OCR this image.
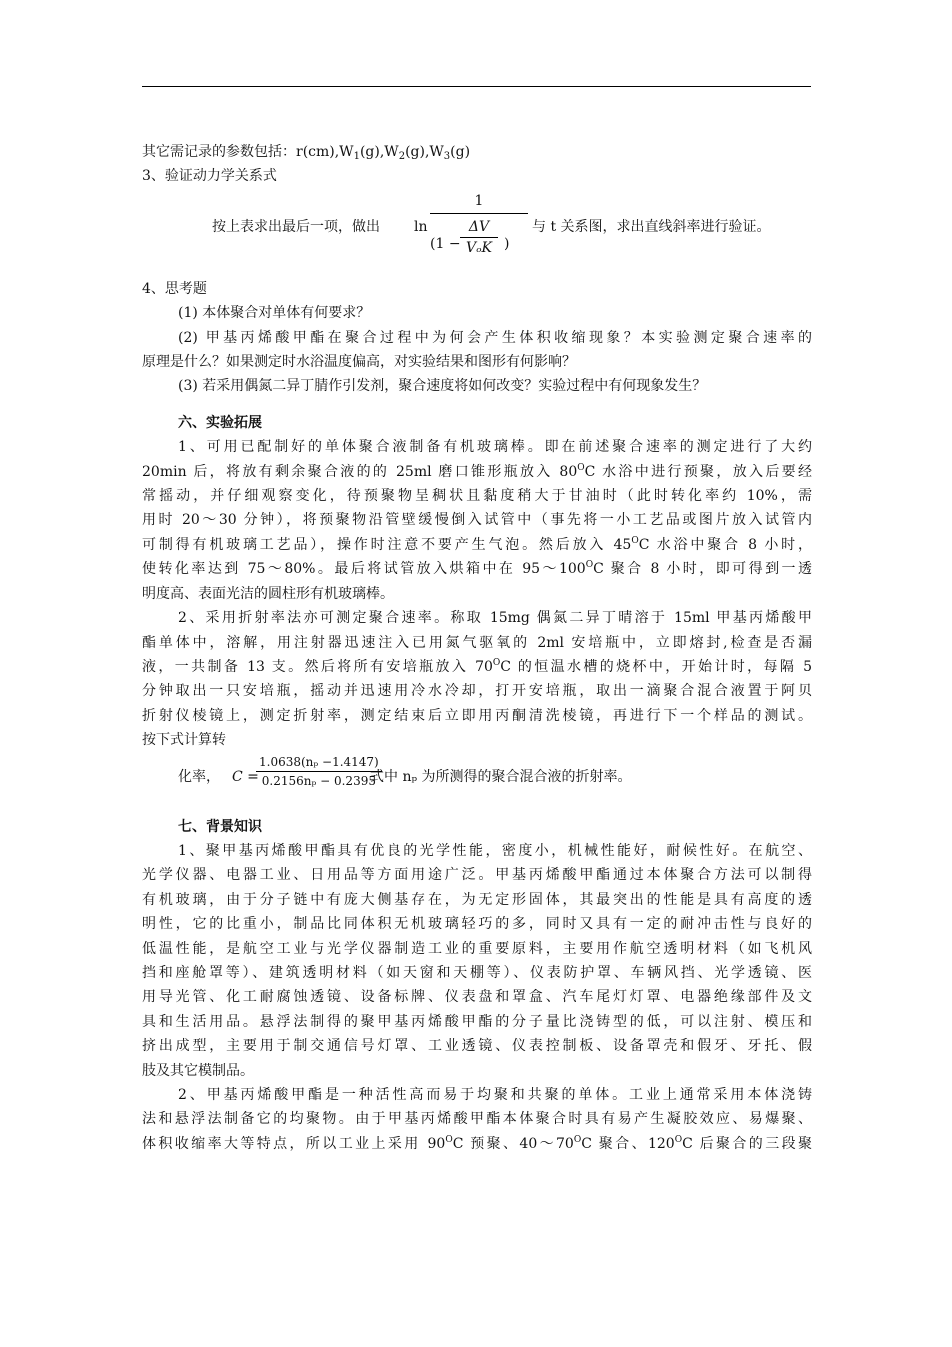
其它需记录的参数包括：$r(cm),W_1(g),W_2(g),W_3(g)$
3、验证动力学关系式
按上表求出最后一项，做出 ln
1
(1 −
ΔV
VₒK )
与 t 关系图，求出直线斜率进行验证。
4、思考题
(1) 本体聚合对单体有何要求？
(2) 甲基丙烯酸甲酯在聚合过程中为何会产生体积收缩现象？本实验测定聚合速率的
原理是什么？如果测定时水浴温度偏高，对实验结果和图形有何影响？
(3) 若采用偶氮二异丁腈作引发剂，聚合速度将如何改变？实验过程中有何现象发生？
六、实验拓展
1、可用已配制好的单体聚合液制备有机玻璃棒。即在前述聚合速率的测定进行了大约
20min 后，将放有剩余聚合液的的 25ml 磨口锥形瓶放入 $80^OC$ 水浴中进行预聚，放入后要经
常摇动，并仔细观察变化，待预聚物呈稠状且黏度稍大于甘油时（此时转化率约 10%，需
用时 20～30 分钟），将预聚物沿管壁缓慢倒入试管中（事先将一小工艺品或图片放入试管内
可制得有机玻璃工艺品），操作时注意不要产生气泡。然后放入 $45^OC$ 水浴中聚合 8 小时，
使转化率达到 75～80%。最后将试管放入烘箱中在 $95\sim 100^OC$ 聚合 8 小时，即可得到一透
明度高、表面光洁的圆柱形有机玻璃棒。
2、采用折射率法亦可测定聚合速率。称取 15mg 偶氮二异丁晴溶于 15ml 甲基丙烯酸甲
酯单体中，溶解，用注射器迅速注入已用氮气驱氧的 2ml 安培瓶中，立即熔封,检查是否漏
液，一共制备 13 支。然后将所有安培瓶放入 $70^OC$ 的恒温水槽的烧杯中，开始计时，每隔 5
分钟取出一只安培瓶，摇动并迅速用冷水冷却，打开安培瓶，取出一滴聚合混合液置于阿贝
折射仪棱镜上，测定折射率，测定结束后立即用丙酮清洗棱镜，再进行下一个样品的测试。
按下式计算转
化率， C =
$\frac{\text{1.0638(nₚ −1.4147)}}{\text{0.2156nₚ − 0.2395}}$
式中 nₚ 为所测得的聚合混合液的折射率。
七、背景知识
1、聚甲基丙烯酸甲酯具有优良的光学性能，密度小，机械性能好，耐候性好。在航空、
光学仪器、电器工业、日用品等方面用途广泛。甲基丙烯酸甲酯通过本体聚合方法可以制得
有机玻璃，由于分子链中有庞大侧基存在，为无定形固体，其最突出的性能是具有高度的透
明性，它的比重小，制品比同体积无机玻璃轻巧的多，同时又具有一定的耐冲击性与良好的
低温性能，是航空工业与光学仪器制造工业的重要原料，主要用作航空透明材料（如飞机风
挡和座舱罩等）、建筑透明材料（如天窗和天棚等）、仪表防护罩、车辆风挡、光学透镜、医
用导光管、化工耐腐蚀透镜、设备标牌、仪表盘和罩盒、汽车尾灯灯罩、电器绝缘部件及文
具和生活用品。悬浮法制得的聚甲基丙烯酸甲酯的分子量比浇铸型的低，可以注射、模压和
挤出成型，主要用于制交通信号灯罩、工业透镜、仪表控制板、设备罩壳和假牙、牙托、假
肢及其它模制品。
2、甲基丙烯酸甲酯是一种活性高而易于均聚和共聚的单体。工业上通常采用本体浇铸
法和悬浮法制备它的均聚物。由于甲基丙烯酸甲酯本体聚合时具有易产生凝胶效应、易爆聚、
体积收缩率大等特点，所以工业上采用 $90^OC$ 预聚、$40\sim 70^OC$ 聚合、$120^OC$ 后聚合的三段聚
